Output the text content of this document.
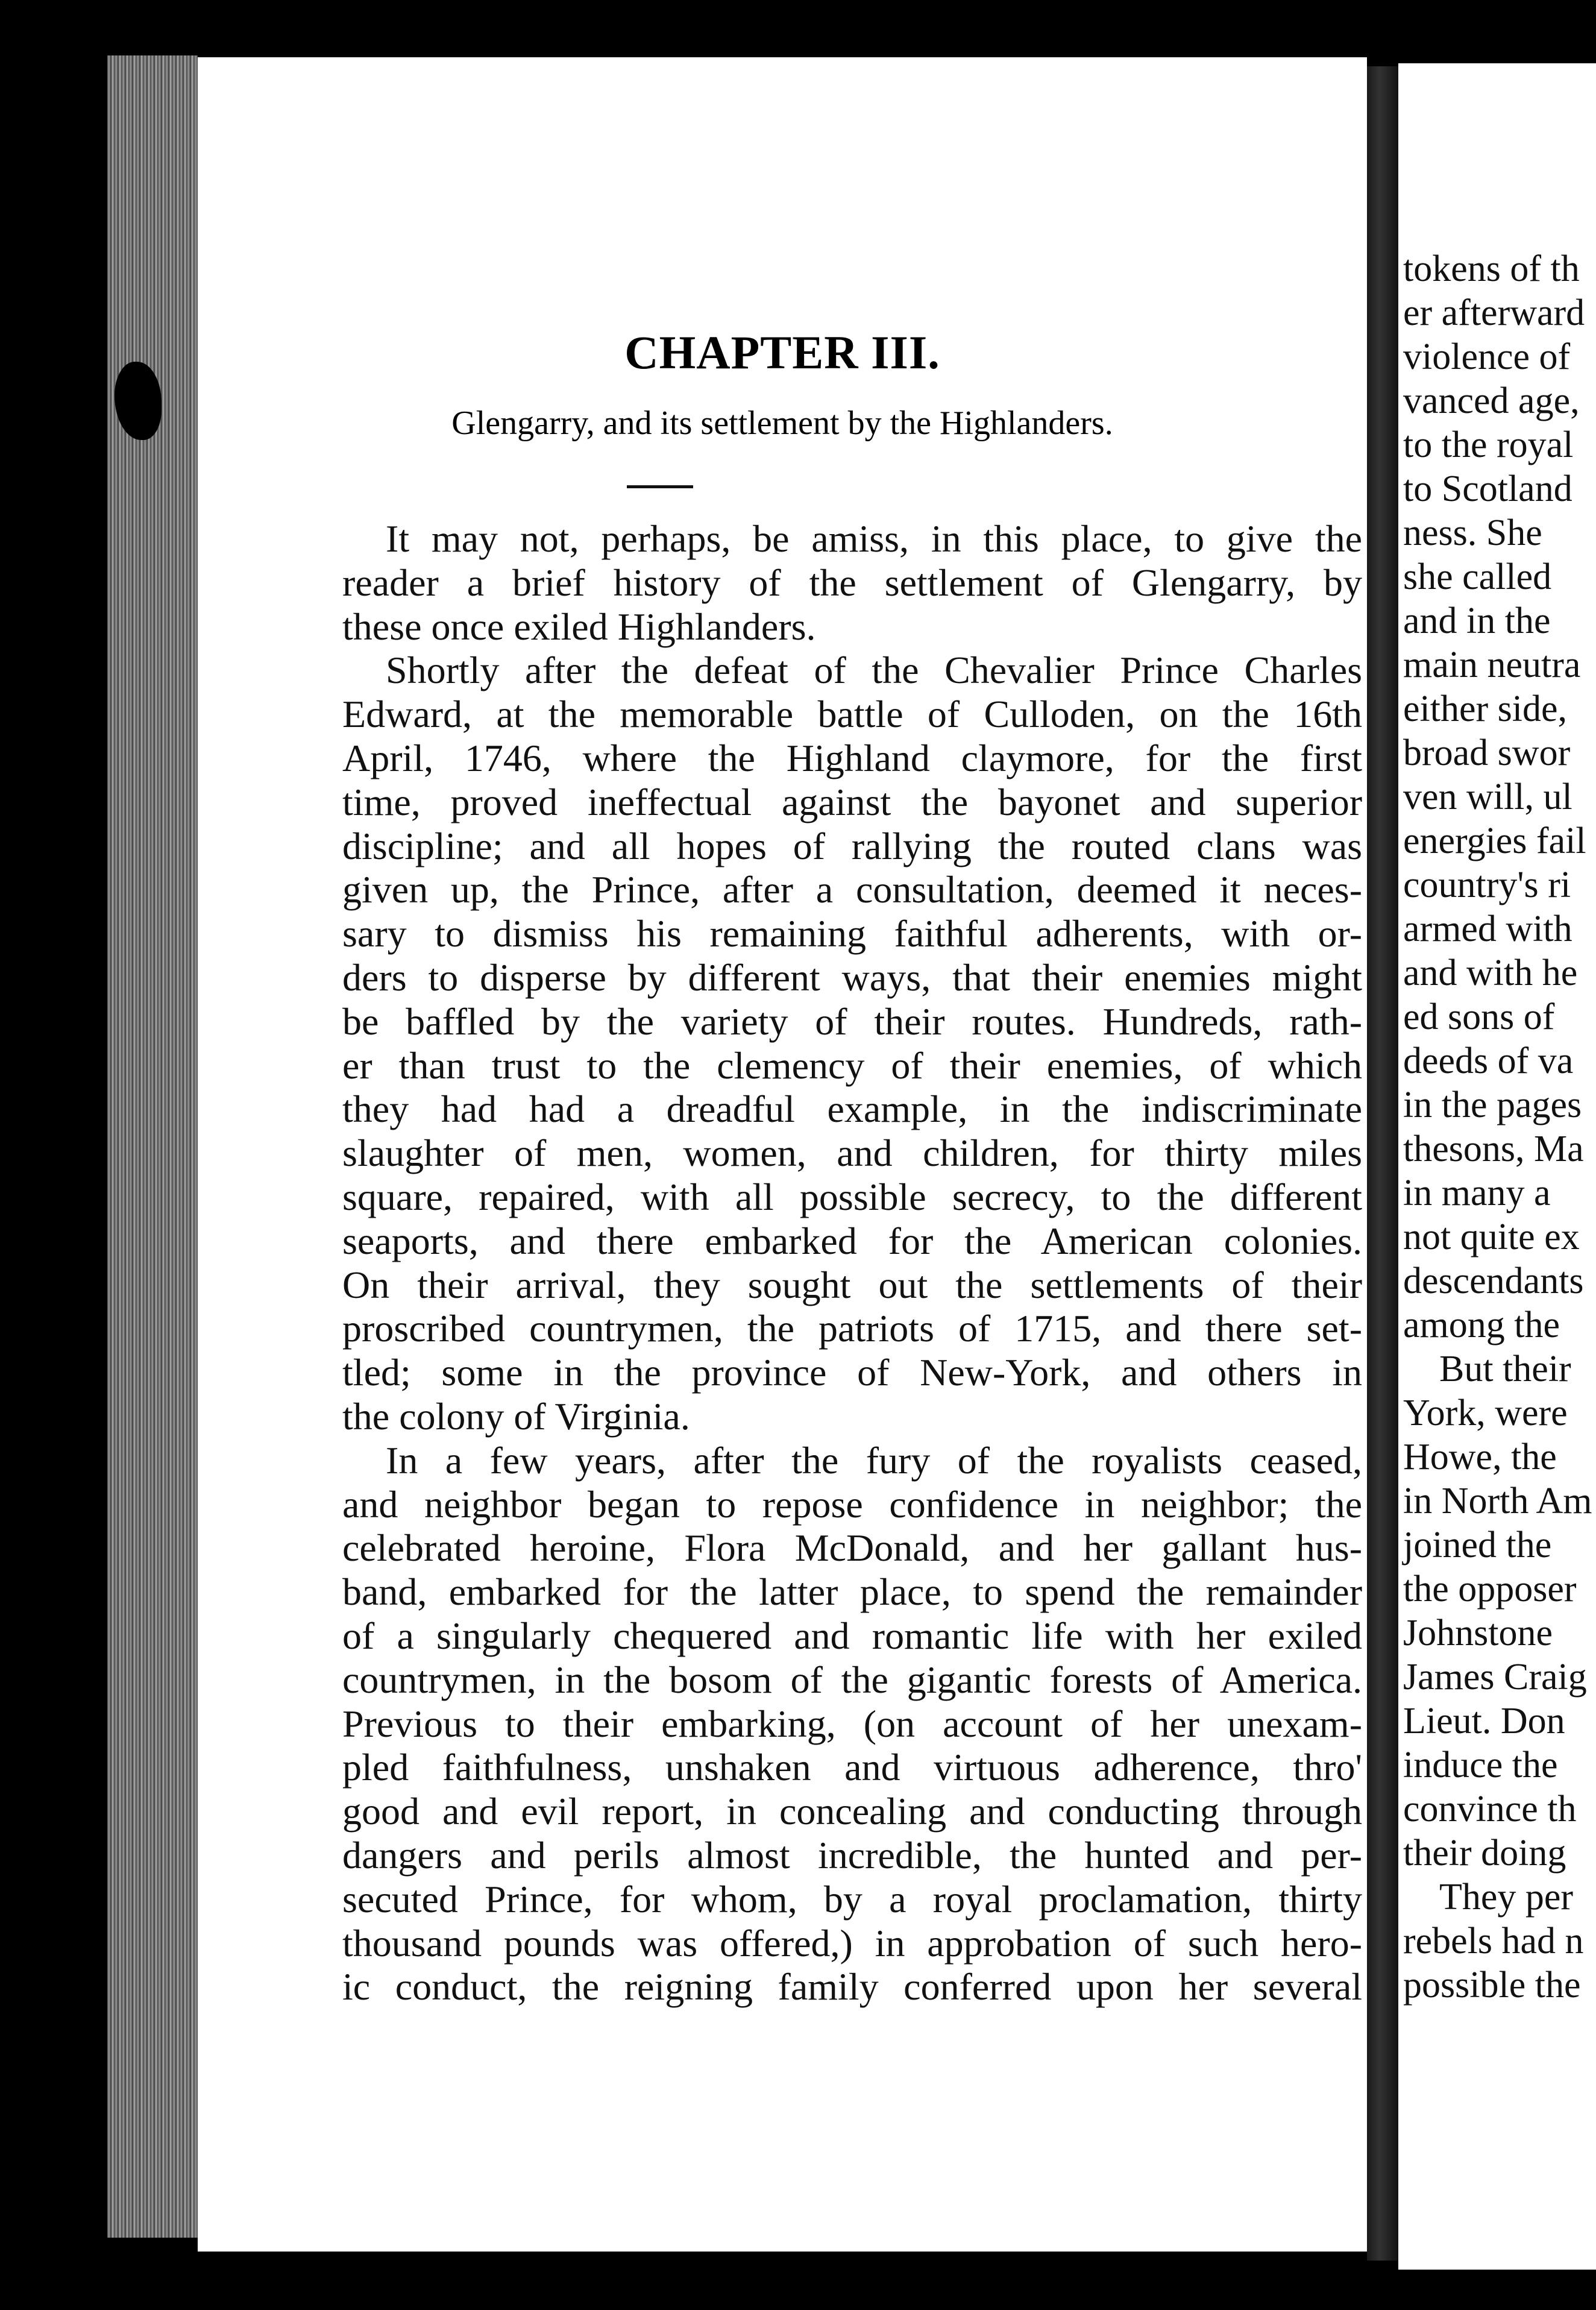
CHAPTER III.

Glengarry, and its settlement by the Highlanders.

It may not, perhaps, be amiss, in this place, to give the
reader a brief history of the settlement of Glengarry, by
these once exiled Highlanders.
Shortly after the defeat of the Chevalier Prince Charles
Edward, at the memorable battle of Culloden, on the 16th
April, 1746, where the Highland claymore, for the first
time, proved ineffectual against the bayonet and superior
discipline; and all hopes of rallying the routed clans was
given up, the Prince, after a consultation, deemed it neces-
sary to dismiss his remaining faithful adherents, with or-
ders to disperse by different ways, that their enemies might
be baffled by the variety of their routes. Hundreds, rath-
er than trust to the clemency of their enemies, of which
they had had a dreadful example, in the indiscriminate
slaughter of men, women, and children, for thirty miles
square, repaired, with all possible secrecy, to the different
seaports, and there embarked for the American colonies.
On their arrival, they sought out the settlements of their
proscribed countrymen, the patriots of 1715, and there set-
tled; some in the province of New-York, and others in
the colony of Virginia.
In a few years, after the fury of the royalists ceased,
and neighbor began to repose confidence in neighbor; the
celebrated heroine, Flora McDonald, and her gallant hus-
band, embarked for the latter place, to spend the remainder
of a singularly chequered and romantic life with her exiled
countrymen, in the bosom of the gigantic forests of America.
Previous to their embarking, (on account of her unexam-
pled faithfulness, unshaken and virtuous adherence, thro'
good and evil report, in concealing and conducting through
dangers and perils almost incredible, the hunted and per-
secuted Prince, for whom, by a royal proclamation, thirty
thousand pounds was offered,) in approbation of such hero-
ic conduct, the reigning family conferred upon her several
tokens of th
er afterward
violence of
vanced age,
to the royal
to Scotland
ness. She
she called
and in the
main neutra
either side,
broad swor
ven will, ul
energies fail
country's ri
armed with
and with he
ed sons of
deeds of va
in the pages
thesons, Ma
in many a
not quite ex
descendants
among the
But their
York, were
Howe, the
in North Am
joined the
the opposer
Johnstone
James Craig
Lieut. Don
induce the
convince th
their doing
They per
rebels had n
possible the
